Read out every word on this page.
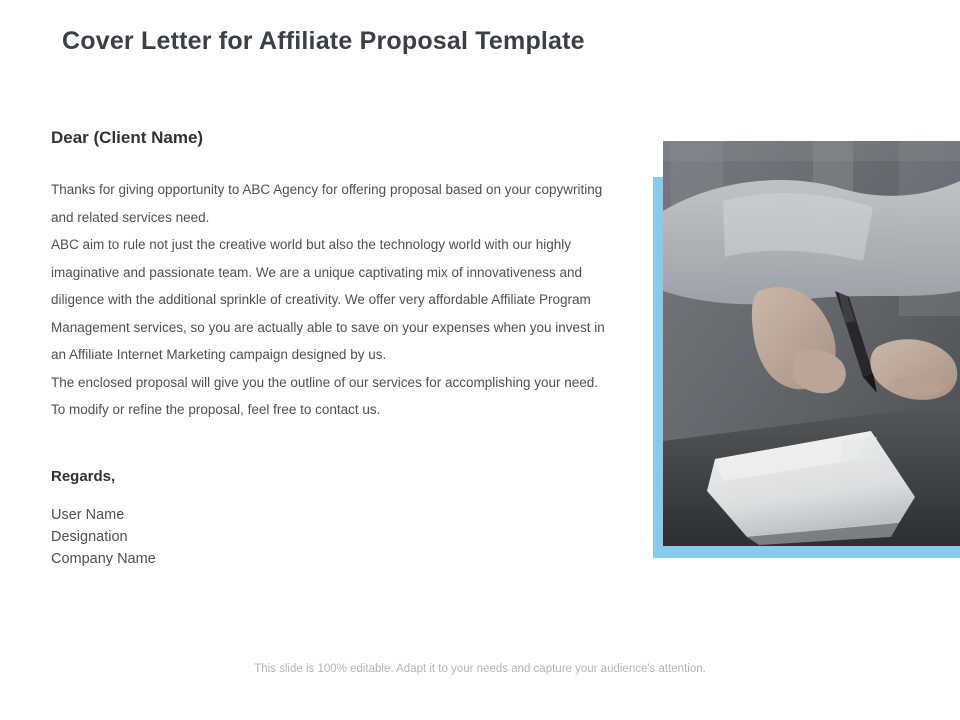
Cover Letter for Affiliate Proposal Template

Dear (Client Name)

Thanks for giving opportunity to ABC Agency for offering proposal based on your copywriting and related services need.

ABC aim to rule not just the creative world but also the technology world with our highly imaginative and passionate team. We are a unique captivating mix of innovativeness and diligence with the additional sprinkle of creativity. We offer very affordable Affiliate Program Management services, so you are actually able to save on your expenses when you invest in an Affiliate Internet Marketing campaign designed by us.

The enclosed proposal will give you the outline of our services for accomplishing your need. To modify or refine the proposal, feel free to contact us.

Regards,

User Name
Designation
Company Name
This slide is 100% editable. Adapt it to your needs and capture your audience's attention.
